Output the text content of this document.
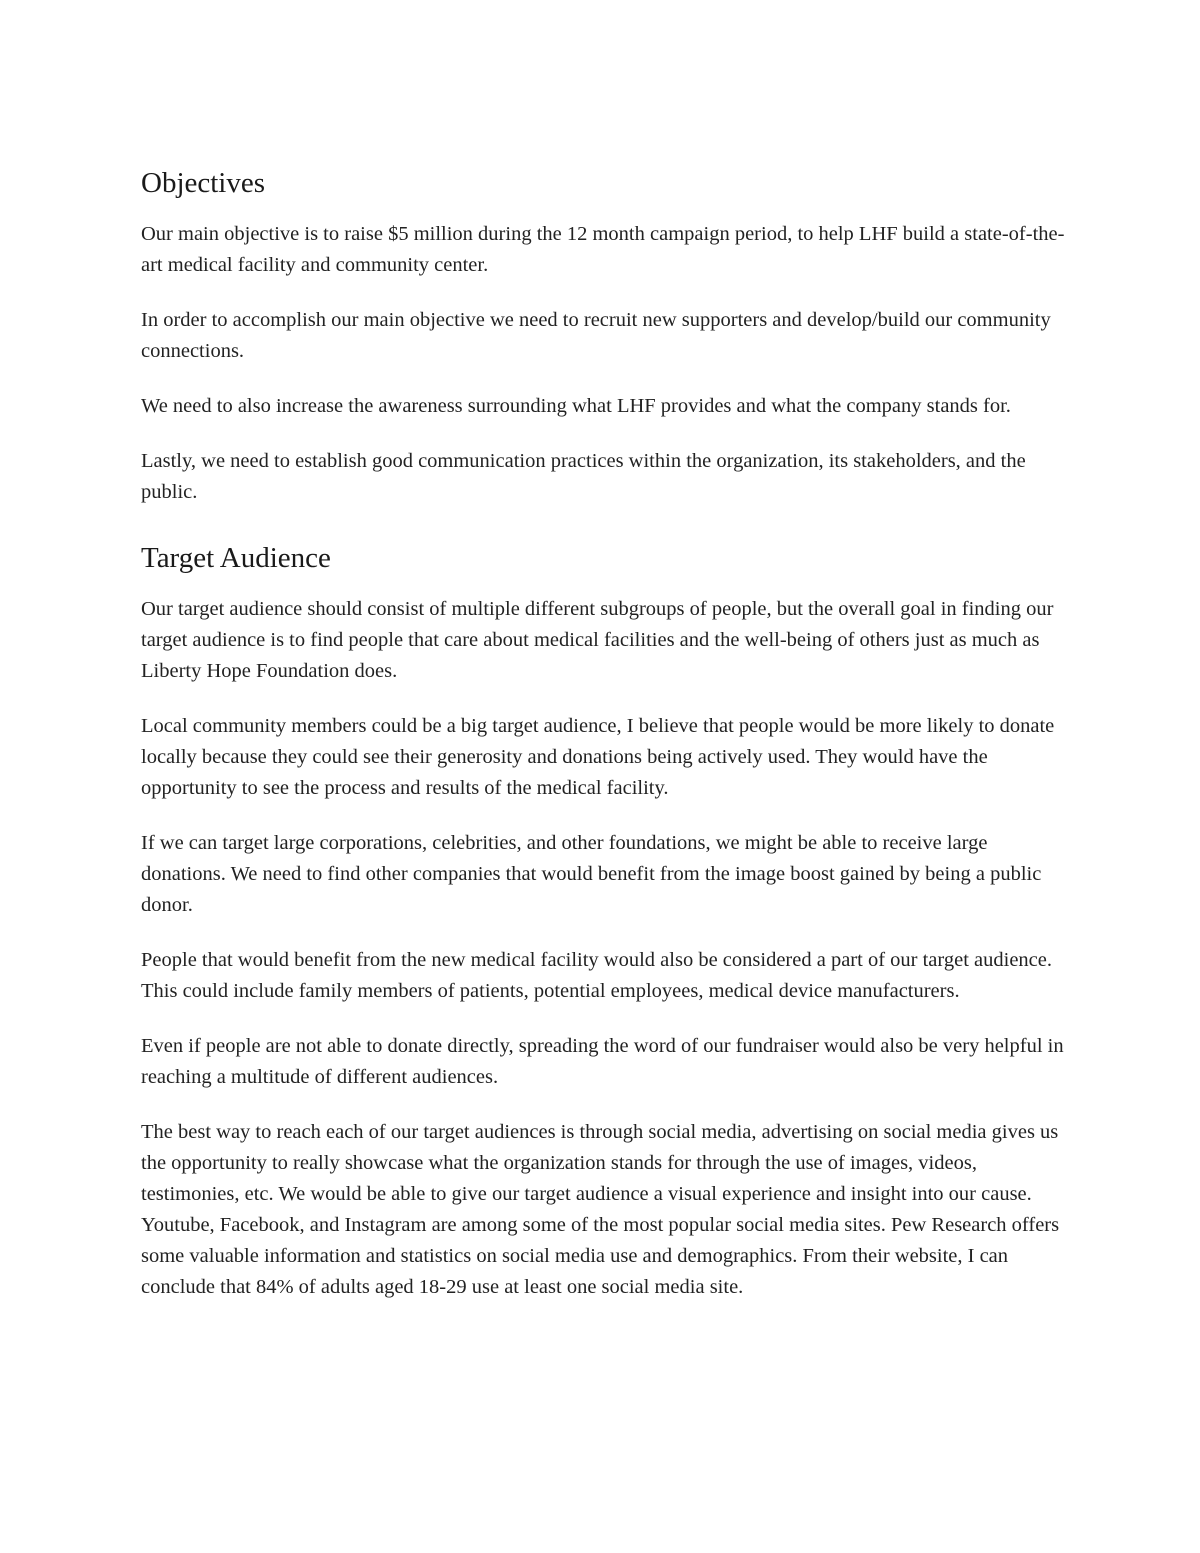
Objectives

Our main objective is to raise $5 million during the 12 month campaign period, to help LHF build a state-of-the-art medical facility and community center.

In order to accomplish our main objective we need to recruit new supporters and develop/build our community connections.

We need to also increase the awareness surrounding what LHF provides and what the company stands for.

Lastly, we need to establish good communication practices within the organization, its stakeholders, and the public.

Target Audience

Our target audience should consist of multiple different subgroups of people, but the overall goal in finding our target audience is to find people that care about medical facilities and the well-being of others just as much as Liberty Hope Foundation does.

Local community members could be a big target audience, I believe that people would be more likely to donate locally because they could see their generosity and donations being actively used. They would have the opportunity to see the process and results of the medical facility.

If we can target large corporations, celebrities, and other foundations, we might be able to receive large donations. We need to find other companies that would benefit from the image boost gained by being a public donor.

People that would benefit from the new medical facility would also be considered a part of our target audience. This could include family members of patients, potential employees, medical device manufacturers.

Even if people are not able to donate directly, spreading the word of our fundraiser would also be very helpful in reaching a multitude of different audiences.

The best way to reach each of our target audiences is through social media, advertising on social media gives us the opportunity to really showcase what the organization stands for through the use of images, videos, testimonies, etc. We would be able to give our target audience a visual experience and insight into our cause. Youtube, Facebook, and Instagram are among some of the most popular social media sites. Pew Research offers some valuable information and statistics on social media use and demographics. From their website, I can conclude that 84% of adults aged 18-29 use at least one social media site.
